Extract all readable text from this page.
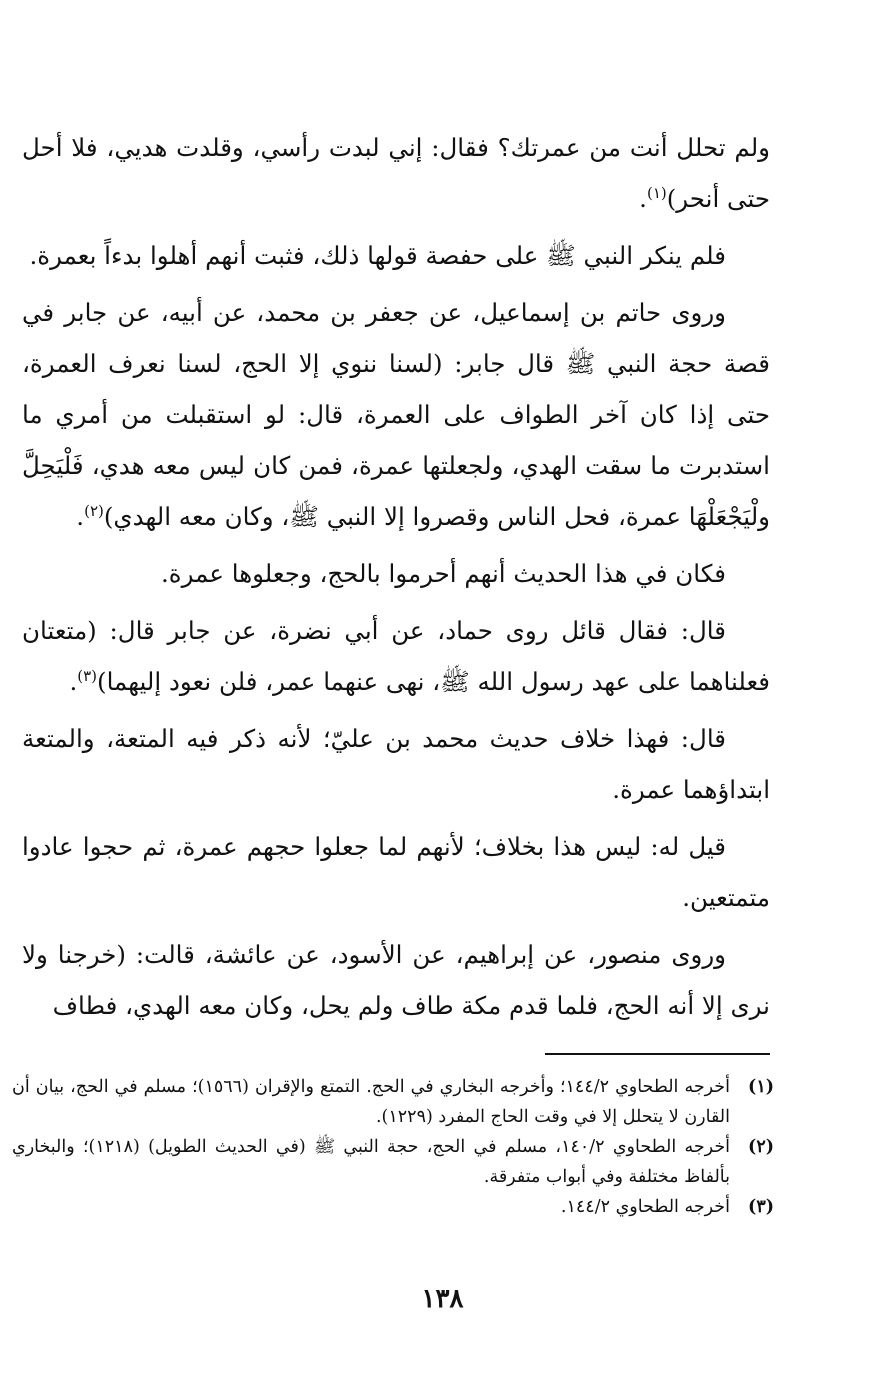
ولم تحلل أنت من عمرتك؟ فقال: إني لبدت رأسي، وقلدت هديي، فلا أحل حتى أنحر)$^{(١)}$.

فلم ينكر النبي ﷺ على حفصة قولها ذلك، فثبت أنهم أهلوا بدءاً بعمرة.

وروى حاتم بن إسماعيل، عن جعفر بن محمد، عن أبيه، عن جابر في قصة حجة النبي ﷺ قال جابر: (لسنا ننوي إلا الحج، لسنا نعرف العمرة، حتى إذا كان آخر الطواف على العمرة، قال: لو استقبلت من أمري ما استدبرت ما سقت الهدي، ولجعلتها عمرة، فمن كان ليس معه هدي، فَلْيَحِلَّ ولْيَجْعَلْهَا عمرة، فحل الناس وقصروا إلا النبي ﷺ، وكان معه الهدي)$^{(٢)}$.

فكان في هذا الحديث أنهم أحرموا بالحج، وجعلوها عمرة.

قال: فقال قائل روى حماد، عن أبي نضرة، عن جابر قال: (متعتان فعلناهما على عهد رسول الله ﷺ، نهى عنهما عمر، فلن نعود إليهما)$^{(٣)}$.

قال: فهذا خلاف حديث محمد بن عليّ؛ لأنه ذكر فيه المتعة، والمتعة ابتداؤهما عمرة.

قيل له: ليس هذا بخلاف؛ لأنهم لما جعلوا حجهم عمرة، ثم حجوا عادوا متمتعين.

وروى منصور، عن إبراهيم، عن الأسود، عن عائشة، قالت: (خرجنا ولا نرى إلا أنه الحج، فلما قدم مكة طاف ولم يحل، وكان معه الهدي، فطاف

(١)
أخرجه الطحاوي ١٤٤/٢؛ وأخرجه البخاري في الحج. التمتع والإقران (١٥٦٦)؛ مسلم في الحج، بيان أن القارن لا يتحلل إلا في وقت الحاج المفرد (١٢٢٩).
(٢)
أخرجه الطحاوي ١٤٠/٢، مسلم في الحج، حجة النبي ﷺ (في الحديث الطويل) (١٢١٨)؛ والبخاري بألفاظ مختلفة وفي أبواب متفرقة.
(٣)
أخرجه الطحاوي ١٤٤/٢.
١٣٨
